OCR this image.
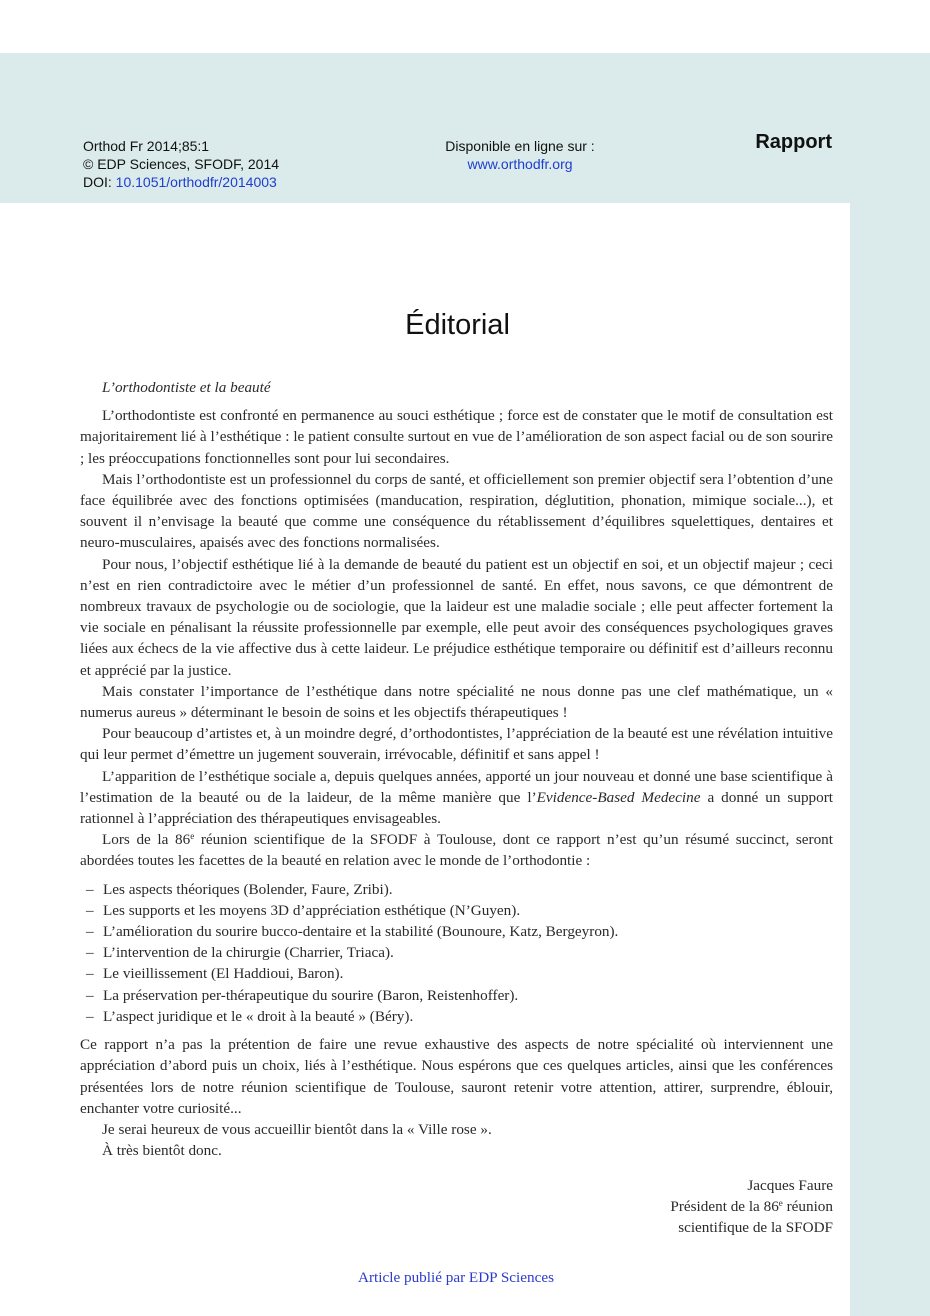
Orthod Fr 2014;85:1
© EDP Sciences, SFODF, 2014
DOI: 10.1051/orthodfr/2014003
Disponible en ligne sur :
www.orthodfr.org
Rapport
Éditorial

L’orthodontiste et la beauté

L’orthodontiste est confronté en permanence au souci esthétique ; force est de constater que le motif de consultation est majoritairement lié à l’esthétique : le patient consulte surtout en vue de l’amélioration de son aspect facial ou de son sourire ; les préoccupations fonctionnelles sont pour lui secondaires.

Mais l’orthodontiste est un professionnel du corps de santé, et officiellement son premier objectif sera l’obtention d’une face équilibrée avec des fonctions optimisées (manducation, respiration, déglutition, phonation, mimique sociale...), et souvent il n’envisage la beauté que comme une conséquence du rétablissement d’équilibres squelettiques, dentaires et neuro-musculaires, apaisés avec des fonctions normalisées.

Pour nous, l’objectif esthétique lié à la demande de beauté du patient est un objectif en soi, et un objectif majeur ; ceci n’est en rien contradictoire avec le métier d’un professionnel de santé. En effet, nous savons, ce que démontrent de nombreux travaux de psychologie ou de sociologie, que la laideur est une maladie sociale ; elle peut affecter fortement la vie sociale en pénalisant la réussite professionnelle par exemple, elle peut avoir des conséquences psychologiques graves liées aux échecs de la vie affective dus à cette laideur. Le préjudice esthétique temporaire ou définitif est d’ailleurs reconnu et apprécié par la justice.

Mais constater l’importance de l’esthétique dans notre spécialité ne nous donne pas une clef mathématique, un « numerus aureus » déterminant le besoin de soins et les objectifs thérapeutiques !

Pour beaucoup d’artistes et, à un moindre degré, d’orthodontistes, l’appréciation de la beauté est une révélation intuitive qui leur permet d’émettre un jugement souverain, irrévocable, définitif et sans appel !

L’apparition de l’esthétique sociale a, depuis quelques années, apporté un jour nouveau et donné une base scientifique à l’estimation de la beauté ou de la laideur, de la même manière que l’Evidence-Based Medecine a donné un support rationnel à l’appréciation des thérapeutiques envisageables.

Lors de la 86e réunion scientifique de la SFODF à Toulouse, dont ce rapport n’est qu’un résumé succinct, seront abordées toutes les facettes de la beauté en relation avec le monde de l’orthodontie :

– Les aspects théoriques (Bolender, Faure, Zribi).
– Les supports et les moyens 3D d’appréciation esthétique (N’Guyen).
– L’amélioration du sourire bucco-dentaire et la stabilité (Bounoure, Katz, Bergeyron).
– L’intervention de la chirurgie (Charrier, Triaca).
– Le vieillissement (El Haddioui, Baron).
– La préservation per-thérapeutique du sourire (Baron, Reistenhoffer).
– L’aspect juridique et le « droit à la beauté » (Béry).

Ce rapport n’a pas la prétention de faire une revue exhaustive des aspects de notre spécialité où interviennent une appréciation d’abord puis un choix, liés à l’esthétique. Nous espérons que ces quelques articles, ainsi que les conférences présentées lors de notre réunion scientifique de Toulouse, sauront retenir votre attention, attirer, surprendre, éblouir, enchanter votre curiosité...

Je serai heureux de vous accueillir bientôt dans la « Ville rose ».

À très bientôt donc.

Jacques Faure
Président de la 86e réunion
scientifique de la SFODF
Article publié par EDP Sciences
